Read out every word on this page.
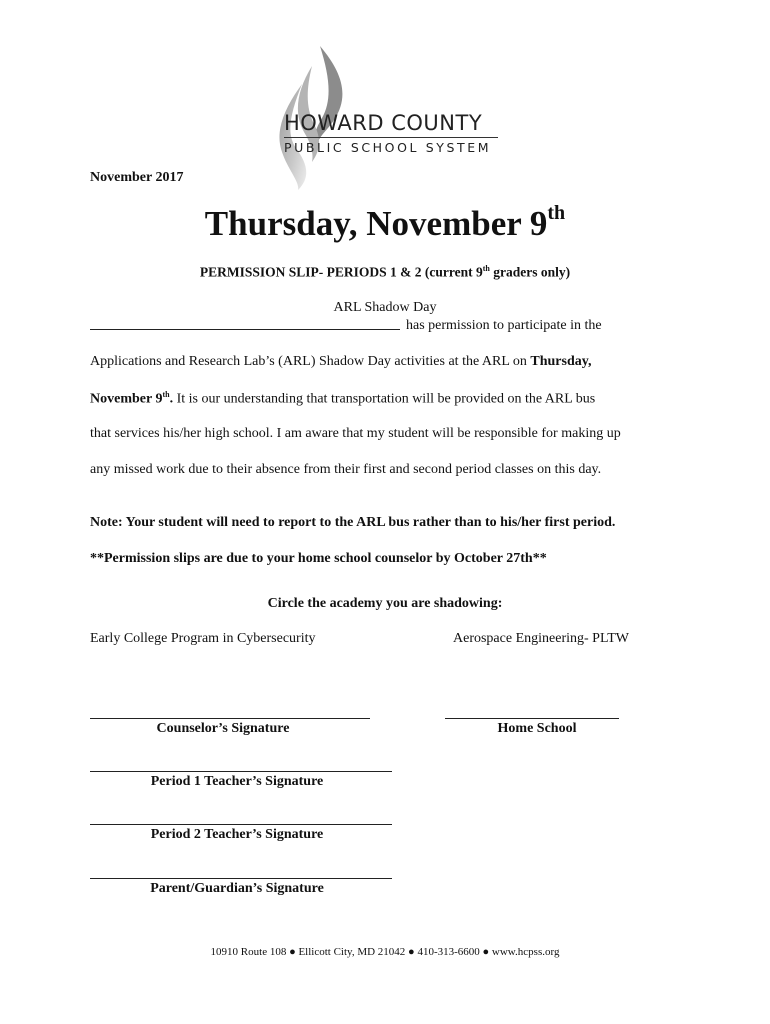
HOWARD COUNTY
PUBLIC SCHOOL SYSTEM
November 2017
Thursday, November 9th
PERMISSION SLIP- PERIODS 1 & 2 (current 9th graders only)
ARL Shadow Day
has permission to participate in the
Applications and Research Lab’s (ARL) Shadow Day activities at the ARL on Thursday,
November 9th. It is our understanding that transportation will be provided on the ARL bus
that services his/her high school. I am aware that my student will be responsible for making up
any missed work due to their absence from their first and second period classes on this day.
Note: Your student will need to report to the ARL bus rather than to his/her first period.
**Permission slips are due to your home school counselor by October 27th**
Circle the academy you are shadowing:
Early College Program in Cybersecurity	Aerospace Engineering- PLTW
Counselor’s Signature	Home School
Period 1 Teacher’s Signature
Period 2 Teacher’s Signature
Parent/Guardian’s Signature
10910 Route 108 ● Ellicott City, MD 21042 ● 410-313-6600 ● www.hcpss.org
